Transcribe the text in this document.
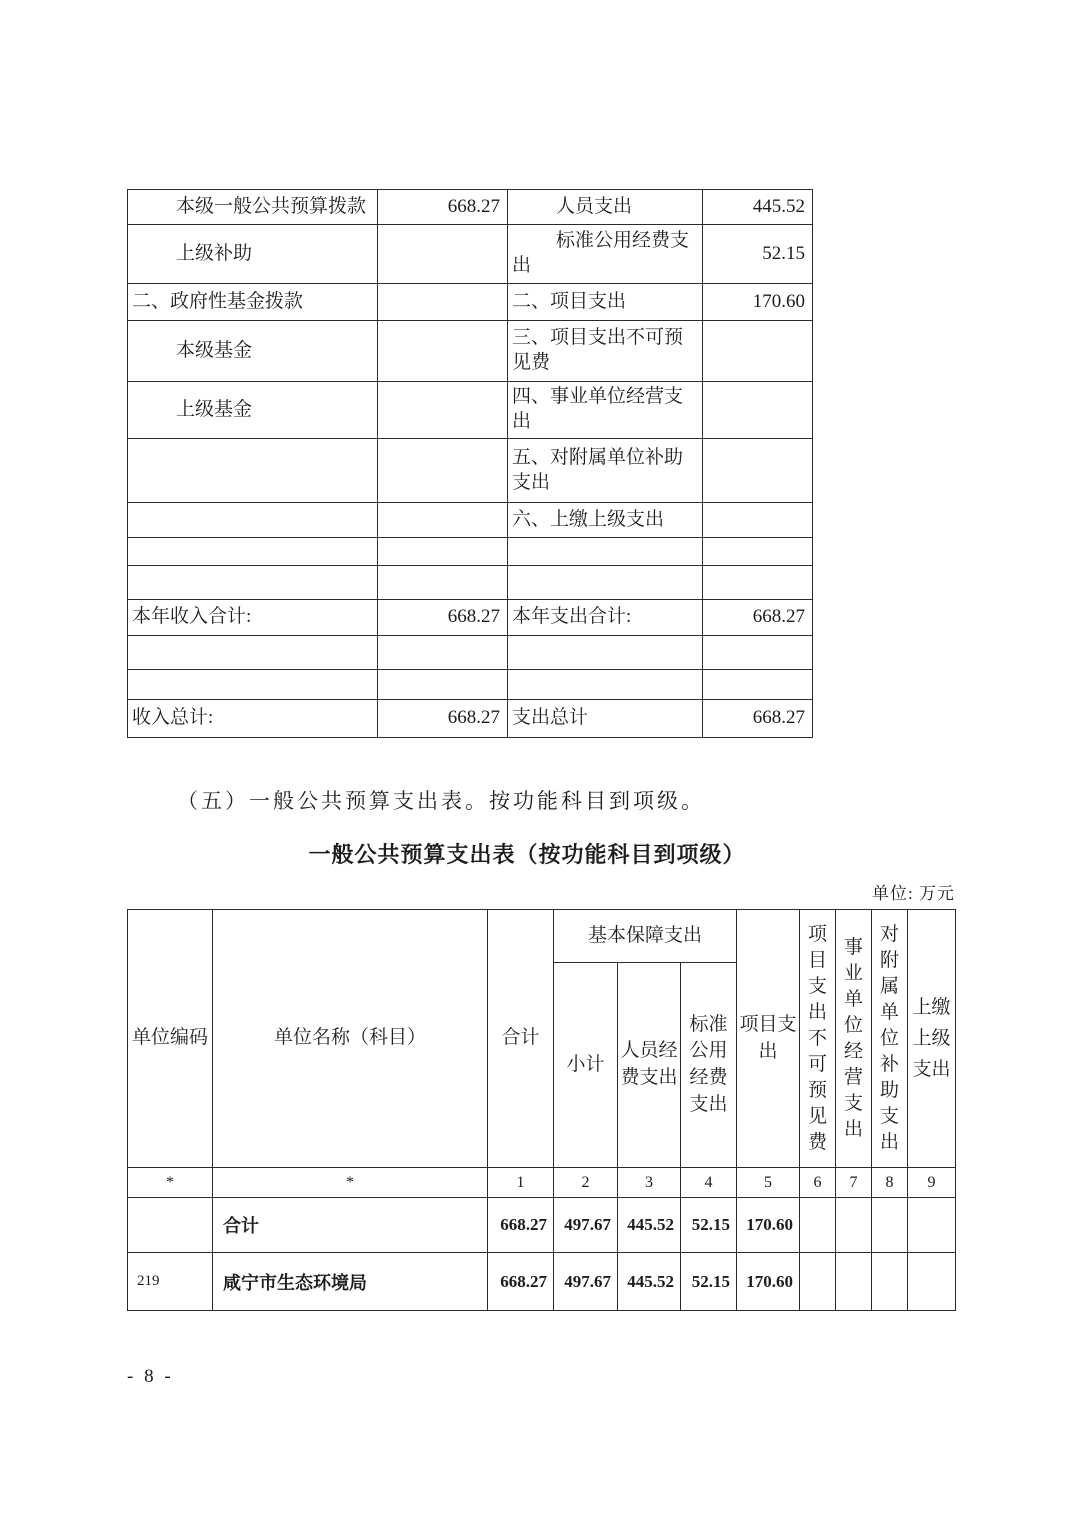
本级一般公共预算拨款	668.27	人员支出	445.52
上级补助		标准公用经费支出	52.15
二、政府性基金拨款		二、项目支出	170.60
本级基金		三、项目支出不可预见费	
上级基金		四、事业单位经营支出	
		五、对附属单位补助支出	
		六、上缴上级支出	

本年收入合计:	668.27	本年支出合计:	668.27

收入总计:	668.27	支出总计	668.27
（五）一般公共预算支出表。按功能科目到项级。
一般公共预算支出表（按功能科目到项级）
单位: 万元
单位编码	单位名称（科目）	合计	基本保障支出			项目支出	项目支出不可预见费	事业单位经营支出	对附属单位补助支出	上缴上级支出
			小计	人员经费支出	标准公用经费支出					
*	*	1	2	3	4	5	6	7	8	9
	合计	668.27	497.67	445.52	52.15	170.60				
219	咸宁市生态环境局	668.27	497.67	445.52	52.15	170.60				
- 8 -
